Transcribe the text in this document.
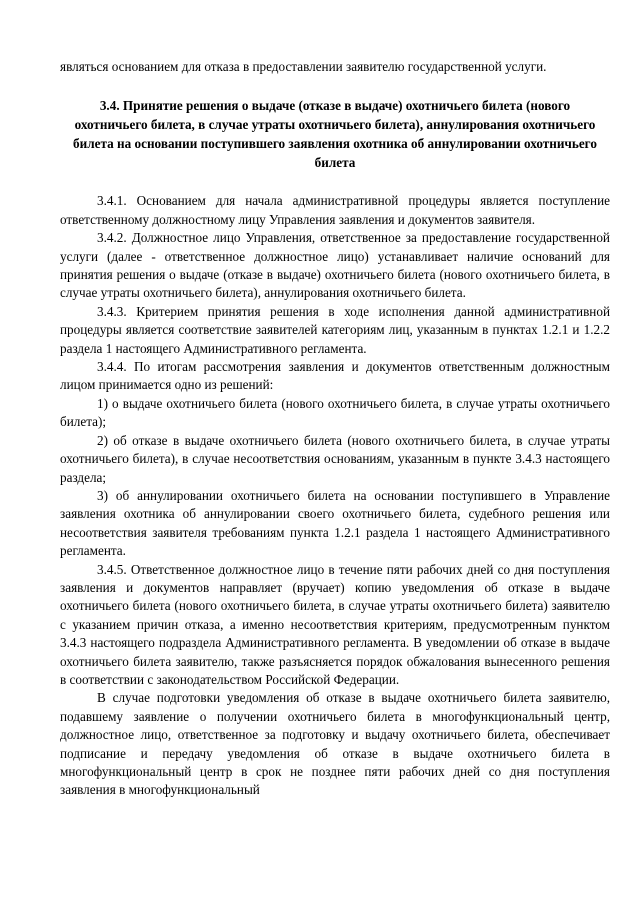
являться основанием для отказа в предоставлении заявителю государственной услуги.

3.4. Принятие решения о выдаче (отказе в выдаче) охотничьего билета (нового охотничьего билета, в случае утраты охотничьего билета), аннулирования охотничьего билета на основании поступившего заявления охотника об аннулировании охотничьего билета

3.4.1. Основанием для начала административной процедуры является поступление ответственному должностному лицу Управления заявления и документов заявителя.

3.4.2. Должностное лицо Управления, ответственное за предоставление государственной услуги (далее - ответственное должностное лицо) устанавливает наличие оснований для принятия решения о выдаче (отказе в выдаче) охотничьего билета (нового охотничьего билета, в случае утраты охотничьего билета), аннулирования охотничьего билета.

3.4.3. Критерием принятия решения в ходе исполнения данной административной процедуры является соответствие заявителей категориям лиц, указанным в пунктах 1.2.1 и 1.2.2 раздела 1 настоящего Административного регламента.

3.4.4. По итогам рассмотрения заявления и документов ответственным должностным лицом принимается одно из решений:

1) о выдаче охотничьего билета (нового охотничьего билета, в случае утраты охотничьего билета);

2) об отказе в выдаче охотничьего билета (нового охотничьего билета, в случае утраты охотничьего билета), в случае несоответствия основаниям, указанным в пункте 3.4.3 настоящего раздела;

3) об аннулировании охотничьего билета на основании поступившего в Управление заявления охотника об аннулировании своего охотничьего билета, судебного решения или несоответствия заявителя требованиям пункта 1.2.1 раздела 1 настоящего Административного регламента.

3.4.5. Ответственное должностное лицо в течение пяти рабочих дней со дня поступления заявления и документов направляет (вручает) копию уведомления об отказе в выдаче охотничьего билета (нового охотничьего билета, в случае утраты охотничьего билета) заявителю с указанием причин отказа, а именно несоответствия критериям, предусмотренным пунктом 3.4.3 настоящего подраздела Административного регламента. В уведомлении об отказе в выдаче охотничьего билета заявителю, также разъясняется порядок обжалования вынесенного решения в соответствии с законодательством Российской Федерации.

В случае подготовки уведомления об отказе в выдаче охотничьего билета заявителю, подавшему заявление о получении охотничьего билета в многофункциональный центр, должностное лицо, ответственное за подготовку и выдачу охотничьего билета, обеспечивает подписание и передачу уведомления об отказе в выдаче охотничьего билета в многофункциональный центр в срок не позднее пяти рабочих дней со дня поступления заявления в многофункциональный
